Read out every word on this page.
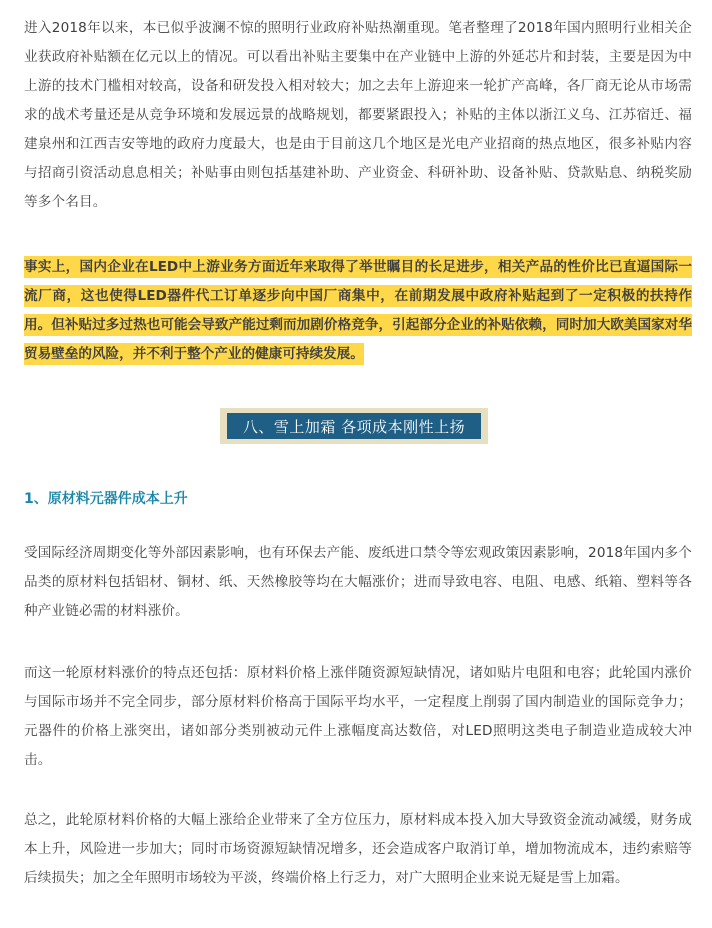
进入2018年以来，本已似乎波澜不惊的照明行业政府补贴热潮重现。笔者整理了2018年国内照明行业相关企业获政府补贴额在亿元以上的情况。可以看出补贴主要集中在产业链中上游的外延芯片和封装，主要是因为中上游的技术门槛相对较高，设备和研发投入相对较大；加之去年上游迎来一轮扩产高峰，各厂商无论从市场需求的战术考量还是从竞争环境和发展远景的战略规划，都要紧跟投入；补贴的主体以浙江义乌、江苏宿迁、福建泉州和江西吉安等地的政府力度最大，也是由于目前这几个地区是光电产业招商的热点地区，很多补贴内容与招商引资活动息息相关；补贴事由则包括基建补助、产业资金、科研补助、设备补贴、贷款贴息、纳税奖励等多个名目。

事实上，国内企业在LED中上游业务方面近年来取得了举世瞩目的长足进步，相关产品的性价比已直逼国际一流厂商，这也使得LED器件代工订单逐步向中国厂商集中，在前期发展中政府补贴起到了一定积极的扶持作用。但补贴过多过热也可能会导致产能过剩而加剧价格竞争，引起部分企业的补贴依赖，同时加大欧美国家对华贸易壁垒的风险，并不利于整个产业的健康可持续发展。

八、雪上加霜 各项成本刚性上扬
1、原材料元器件成本上升

受国际经济周期变化等外部因素影响，也有环保去产能、废纸进口禁令等宏观政策因素影响，2018年国内多个品类的原材料包括铝材、铜材、纸、天然橡胶等均在大幅涨价；进而导致电容、电阻、电感、纸箱、塑料等各种产业链必需的材料涨价。

而这一轮原材料涨价的特点还包括：原材料价格上涨伴随资源短缺情况，诸如贴片电阻和电容；此轮国内涨价与国际市场并不完全同步，部分原材料价格高于国际平均水平，一定程度上削弱了国内制造业的国际竞争力；元器件的价格上涨突出，诸如部分类别被动元件上涨幅度高达数倍，对LED照明这类电子制造业造成较大冲击。

总之，此轮原材料价格的大幅上涨给企业带来了全方位压力，原材料成本投入加大导致资金流动减缓，财务成本上升，风险进一步加大；同时市场资源短缺情况增多，还会造成客户取消订单，增加物流成本，违约索赔等后续损失；加之全年照明市场较为平淡，终端价格上行乏力，对广大照明企业来说无疑是雪上加霜。
